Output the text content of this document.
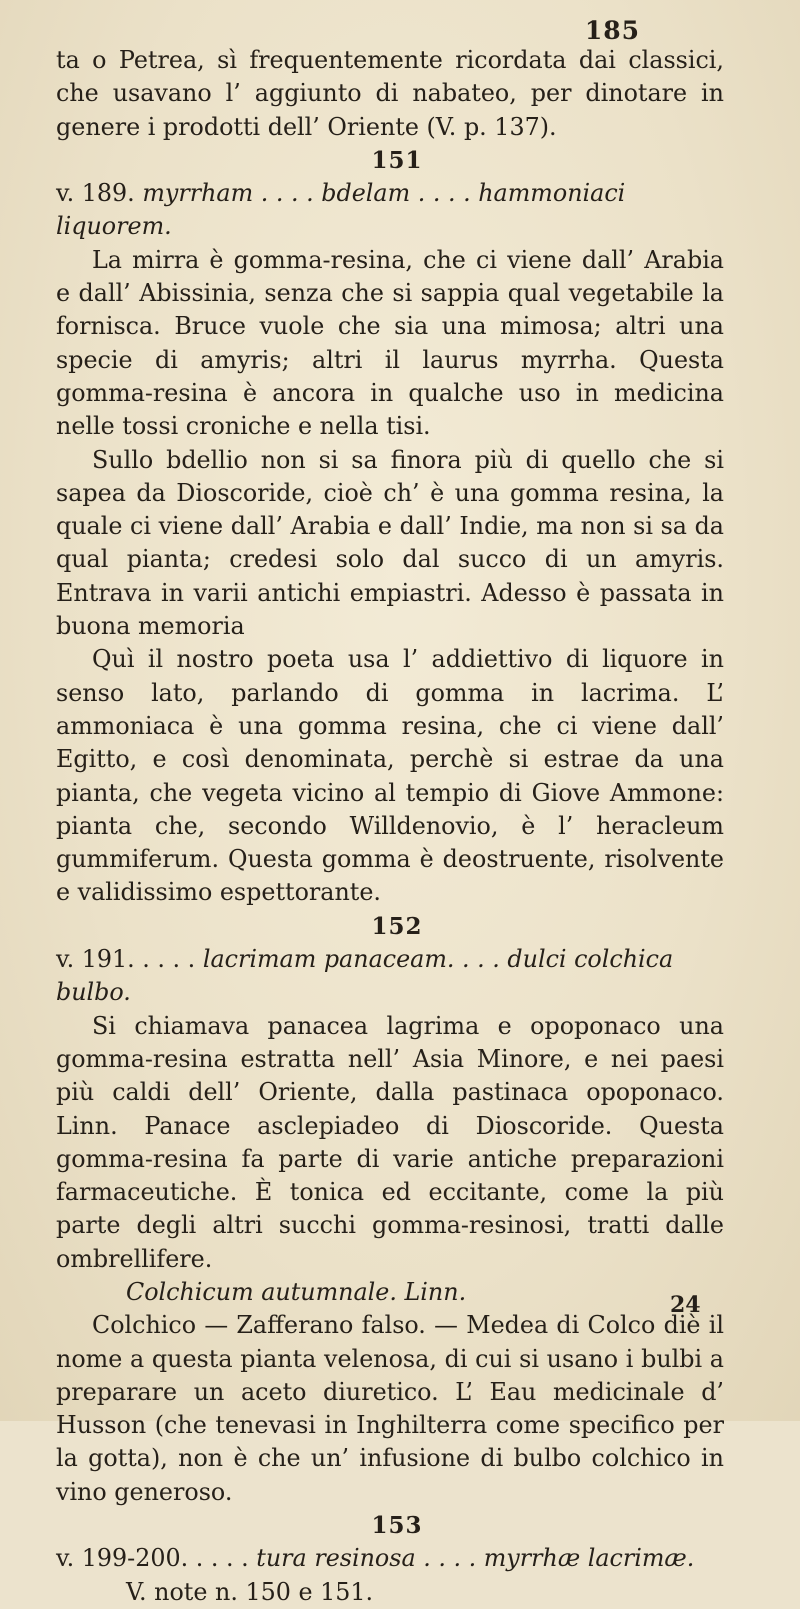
185

ta o Petrea, sì frequentemente ricordata dai classici, che usavano l’ aggiunto di nabateo, per dinotare in genere i prodotti dell’ Oriente (V. p. 137).

151

v. 189. myrrham . . . . bdelam . . . . hammoniaci liquorem.

La mirra è gomma-resina, che ci viene dall’ Arabia e dall’ Abissinia, senza che si sappia qual vegetabile la fornisca. Bruce vuole che sia una mimosa; altri una specie di amyris; altri il laurus myrrha. Questa gomma-resina è ancora in qualche uso in medicina nelle tossi croniche e nella tisi.

Sullo bdellio non si sa finora più di quello che si sapea da Dioscoride, cioè ch’ è una gomma resina, la quale ci viene dall’ Arabia e dall’ Indie, ma non si sa da qual pianta; credesi solo dal succo di un amyris. Entrava in varii antichi empiastri. Adesso è passata in buona memoria

Quì il nostro poeta usa l’ addiettivo di liquore in senso lato, parlando di gomma in lacrima. L’ ammoniaca è una gomma resina, che ci viene dall’ Egitto, e così denominata, perchè si estrae da una pianta, che vegeta vicino al tempio di Giove Ammone: pianta che, secondo Willdenovio, è l’ heracleum gummiferum. Questa gomma è deostruente, risolvente e validissimo espettorante.

152

v. 191. . . . . lacrimam panaceam. . . . dulci colchica bulbo.

Si chiamava panacea lagrima e opoponaco una gomma-resina estratta nell’ Asia Minore, e nei paesi più caldi dell’ Oriente, dalla pastinaca opoponaco. Linn. Panace asclepiadeo di Dioscoride. Questa gomma-resina fa parte di varie antiche preparazioni farmaceutiche. È tonica ed eccitante, come la più parte degli altri succhi gomma-resinosi, tratti dalle ombrellifere.

Colchicum autumnale. Linn.

Colchico — Zafferano falso. — Medea di Colco diè il nome a questa pianta velenosa, di cui si usano i bulbi a preparare un aceto diuretico. L’ Eau medicinale d’ Husson (che tenevasi in Inghilterra come specifico per la gotta), non è che un’ infusione di bulbo colchico in vino generoso.

153

v. 199-200. . . . . tura resinosa . . . . myrrhæ lacrimæ.

V. note n. 150 e 151.

24
